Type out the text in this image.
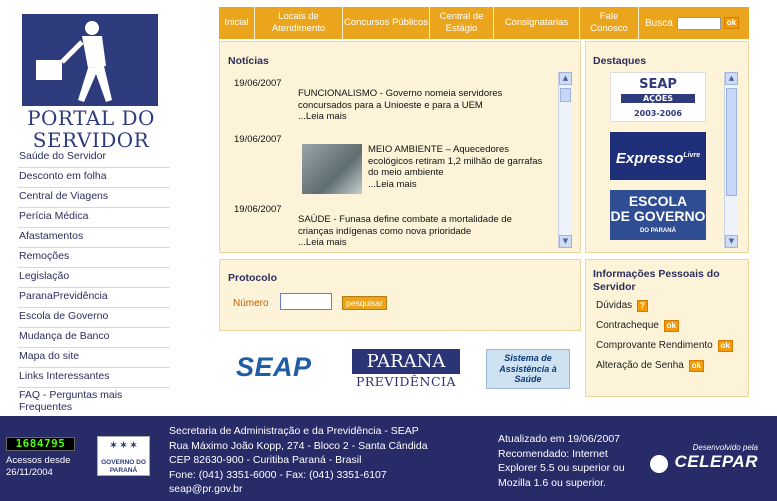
PORTAL DO
SERVIDOR
Saúde do Servidor
Desconto em folha
Central de Viagens
Perícia Médica
Afastamentos
Remoções
Legislação
ParanaPrevidência
Escola de Governo
Mudança de Banco
Mapa do site
Links Interessantes
FAQ - Perguntas mais Frequentes
Inicial
Locais de Atendimento
Concursos Públicos
Central de Estágio
Consignatarias
Fale Conosco	Busca	ok
Notícias
19/06/2007
FUNCIONALISMO - Governo nomeia servidores concursados para a Unioeste e para a UEM
...Leia mais
19/06/2007
MEIO AMBIENTE – Aquecedores ecológicos retiram 1,2 milhão de garrafas do meio ambiente
...Leia mais
19/06/2007
SAÚDE - Funasa define combate a mortalidade de crianças indígenas como nova prioridade
...Leia mais
▲
▼
Destaques
SEAP
AÇÕES
2003-2006
Expresso$^{Livre}$
ESCOLA
DE GOVERNO
DO PARANÁ
▲
▼
Protocolo
Número	pesquisar
Informações Pessoais do Servidor
Dúvidas ?
Contracheque ok
Comprovante Rendimento ok
Alteração de Senha ok
SEAP	PARANA
PREVIDÊNCIA
Sistema de Assistência à Saúde
1684795
Acessos desde 26/11/2004
✶ ✶ ✶
GOVERNO DO PARANÁ
Secretaria de Administração e da Previdência - SEAP
Rua Máximo João Kopp, 274 - Bloco 2 - Santa Cândida
CEP 82630-900 - Curitiba Paraná - Brasil
Fone: (041) 3351-6000 - Fax: (041) 3351-6107
seap@pr.gov.br
Atualizado em 19/06/2007 Recomendado: Internet Explorer 5.5 ou superior ou Mozilla 1.6 ou superior.
Desenvolvido pela
CELEPAR
